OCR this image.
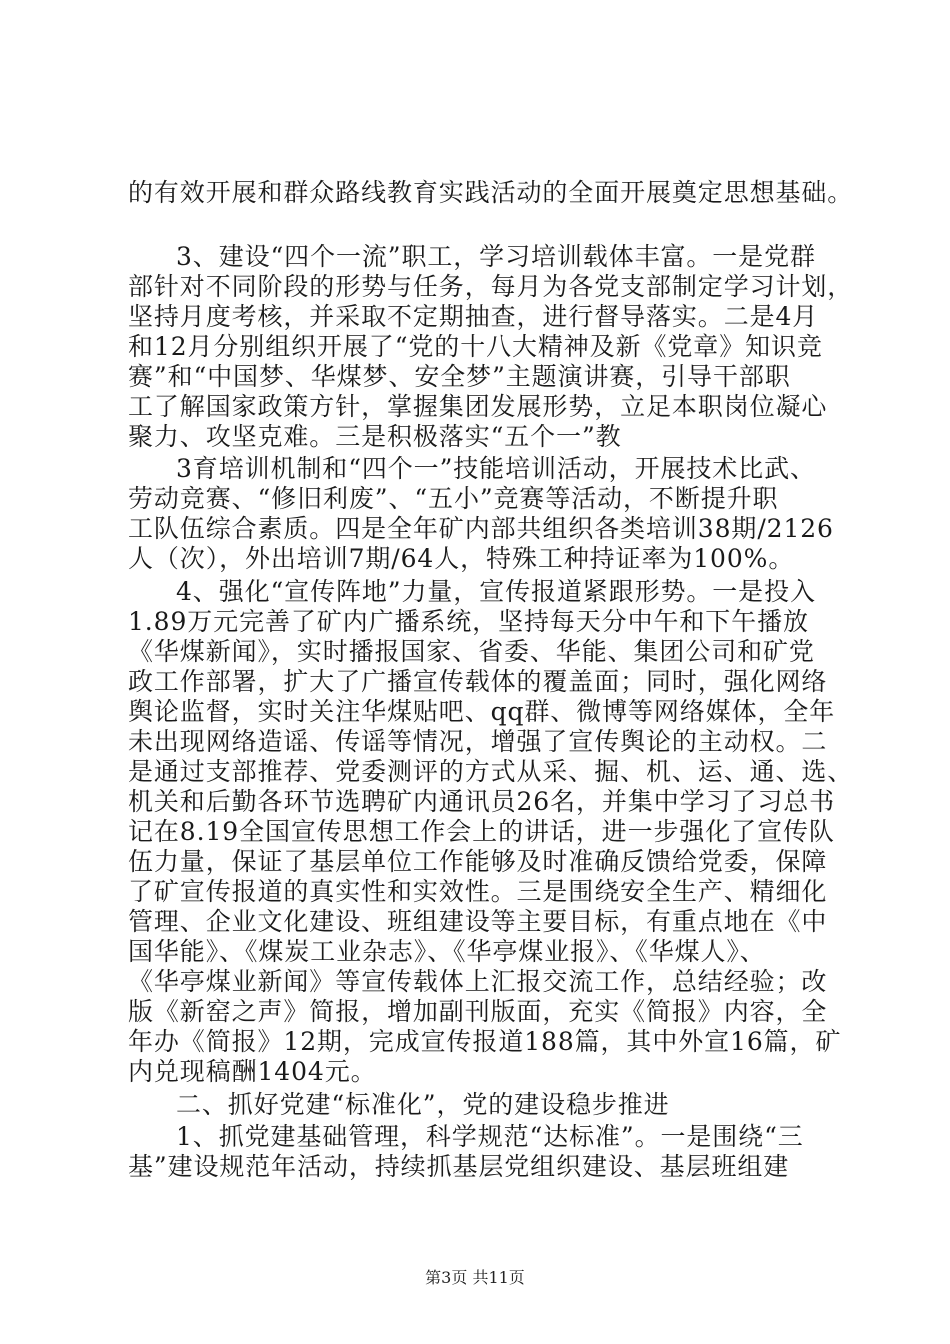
的有效开展和群众路线教育实践活动的全面开展奠定思想基础。
3、建设“四个一流”职工，学习培训载体丰富。一是党群
部针对不同阶段的形势与任务，每月为各党支部制定学习计划，
坚持月度考核，并采取不定期抽查，进行督导落实。二是4月
和12月分别组织开展了“党的十八大精神及新《党章》知识竞
赛”和“中国梦、华煤梦、安全梦”主题演讲赛，引导干部职
工了解国家政策方针，掌握集团发展形势，立足本职岗位凝心
聚力、攻坚克难。三是积极落实“五个一”教
3育培训机制和“四个一”技能培训活动，开展技术比武、
劳动竞赛、“修旧利废”、“五小”竞赛等活动，不断提升职
工队伍综合素质。四是全年矿内部共组织各类培训38期/2126
人（次），外出培训7期/64人，特殊工种持证率为100%。
4、强化“宣传阵地”力量，宣传报道紧跟形势。一是投入
1.89万元完善了矿内广播系统，坚持每天分中午和下午播放
《华煤新闻》，实时播报国家、省委、华能、集团公司和矿党
政工作部署，扩大了广播宣传载体的覆盖面；同时，强化网络
舆论监督，实时关注华煤贴吧、qq群、微博等网络媒体，全年
未出现网络造谣、传谣等情况，增强了宣传舆论的主动权。二
是通过支部推荐、党委测评的方式从采、掘、机、运、通、选、
机关和后勤各环节选聘矿内通讯员26名，并集中学习了习总书
记在8.19全国宣传思想工作会上的讲话，进一步强化了宣传队
伍力量，保证了基层单位工作能够及时准确反馈给党委，保障
了矿宣传报道的真实性和实效性。三是围绕安全生产、精细化
管理、企业文化建设、班组建设等主要目标，有重点地在《中
国华能》、《煤炭工业杂志》、《华亭煤业报》、《华煤人》、
《华亭煤业新闻》等宣传载体上汇报交流工作，总结经验；改
版《新窑之声》简报，增加副刊版面，充实《简报》内容，全
年办《简报》12期，完成宣传报道188篇，其中外宣16篇，矿
内兑现稿酬1404元。
二、抓好党建“标准化”，党的建设稳步推进
1、抓党建基础管理，科学规范“达标准”。一是围绕“三
基”建设规范年活动，持续抓基层党组织建设、基层班组建
第3页 共11页
